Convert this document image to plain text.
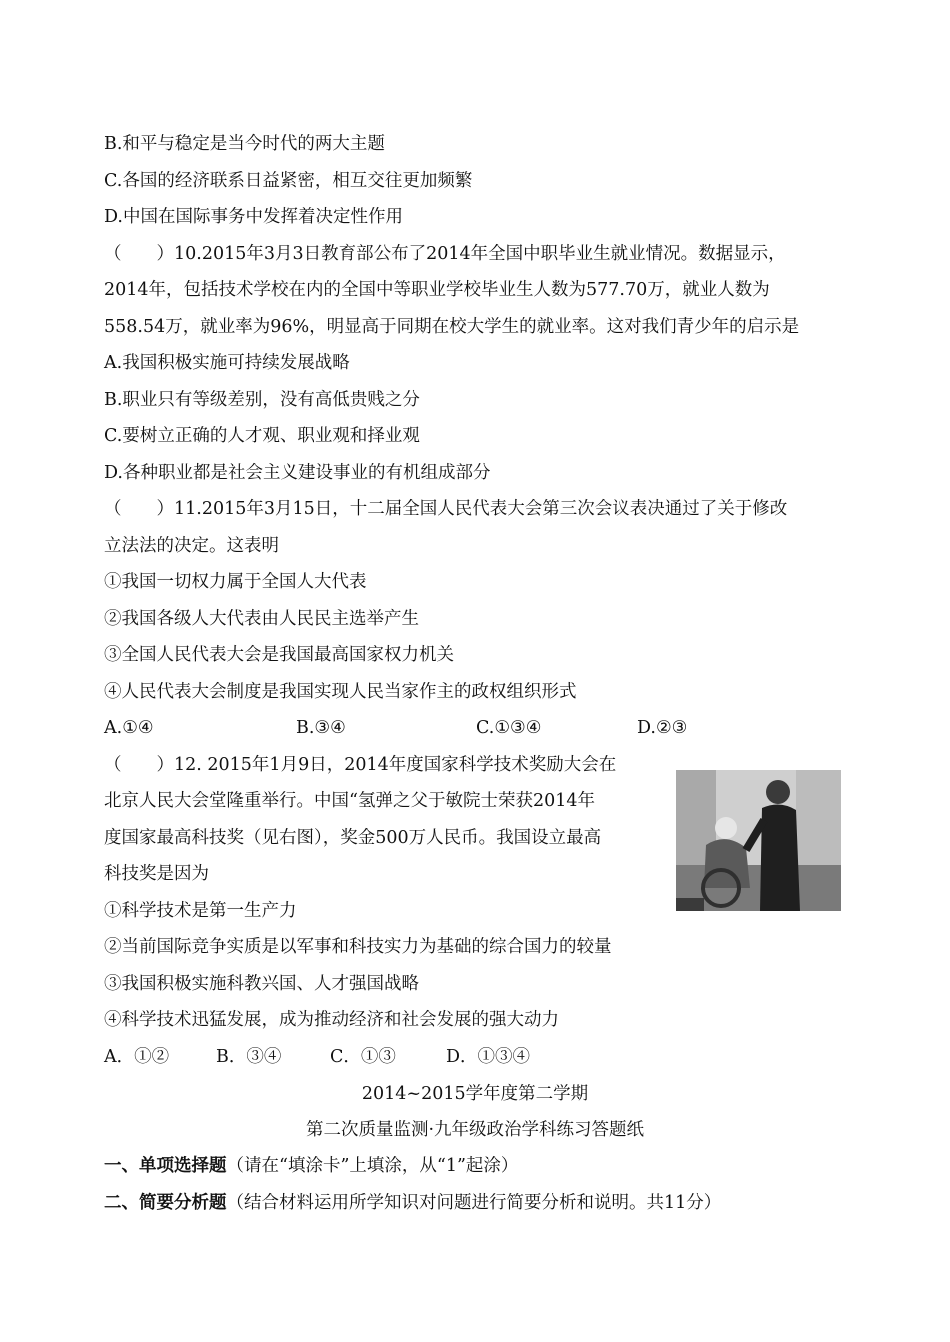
B.和平与稳定是当今时代的两大主题
C.各国的经济联系日益紧密，相互交往更加频繁
D.中国在国际事务中发挥着决定性作用
（　　）10.2015年3月3日教育部公布了2014年全国中职毕业生就业情况。数据显示，
2014年，包括技术学校在内的全国中等职业学校毕业生人数为577.70万，就业人数为
558.54万，就业率为96%，明显高于同期在校大学生的就业率。这对我们青少年的启示是
A.我国积极实施可持续发展战略
B.职业只有等级差别，没有高低贵贱之分
C.要树立正确的人才观、职业观和择业观
D.各种职业都是社会主义建设事业的有机组成部分
（　　）11.2015年3月15日，十二届全国人民代表大会第三次会议表决通过了关于修改
立法法的决定。这表明
①我国一切权力属于全国人大代表
②我国各级人大代表由人民民主选举产生
③全国人民代表大会是我国最高国家权力机关
④人民代表大会制度是我国实现人民当家作主的政权组织形式
A.①④	B.③④	C.①③④	D.②③
（　　）12. 2015年1月9日，2014年度国家科学技术奖励大会在
北京人民大会堂隆重举行。中国“氢弹之父于敏院士荣获2014年
度国家最高科技奖（见右图），奖金500万人民币。我国设立最高
科技奖是因为
①科学技术是第一生产力
②当前国际竞争实质是以军事和科技实力为基础的综合国力的较量
③我国积极实施科教兴国、人才强国战略
④科学技术迅猛发展，成为推动经济和社会发展的强大动力
A．①②	B．③④	C．①③	D．①③④
2014~2015学年度第二学期
第二次质量监测·九年级政治学科练习答题纸
一、单项选择题（请在“填涂卡”上填涂，从“1”起涂）
二、简要分析题（结合材料运用所学知识对问题进行简要分析和说明。共11分）
